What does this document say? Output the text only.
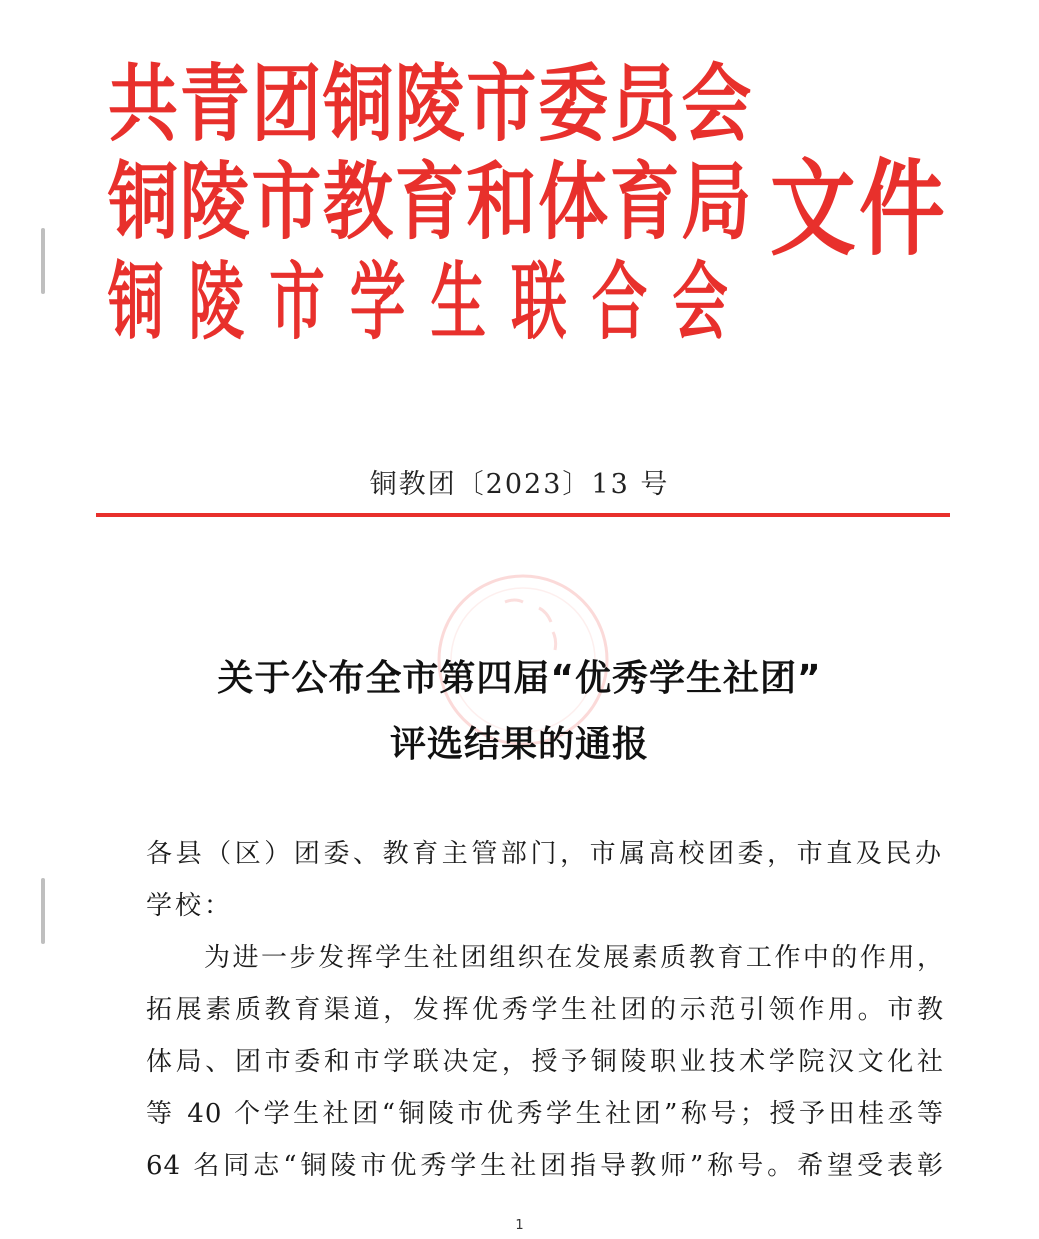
共青团铜陵市委员会
铜陵市教育和体育局
铜陵市学生联合会
文件
铜教团〔2023〕13 号
关于公布全市第四届“优秀学生社团”
评选结果的通报
各县（区）团委、教育主管部门，市属高校团委，市直及民办
学校：
为进一步发挥学生社团组织在发展素质教育工作中的作用，
拓展素质教育渠道，发挥优秀学生社团的示范引领作用。市教
体局、团市委和市学联决定，授予铜陵职业技术学院汉文化社
等 40 个学生社团“铜陵市优秀学生社团”称号；授予田桂丞等
64 名同志“铜陵市优秀学生社团指导教师”称号。希望受表彰
1
